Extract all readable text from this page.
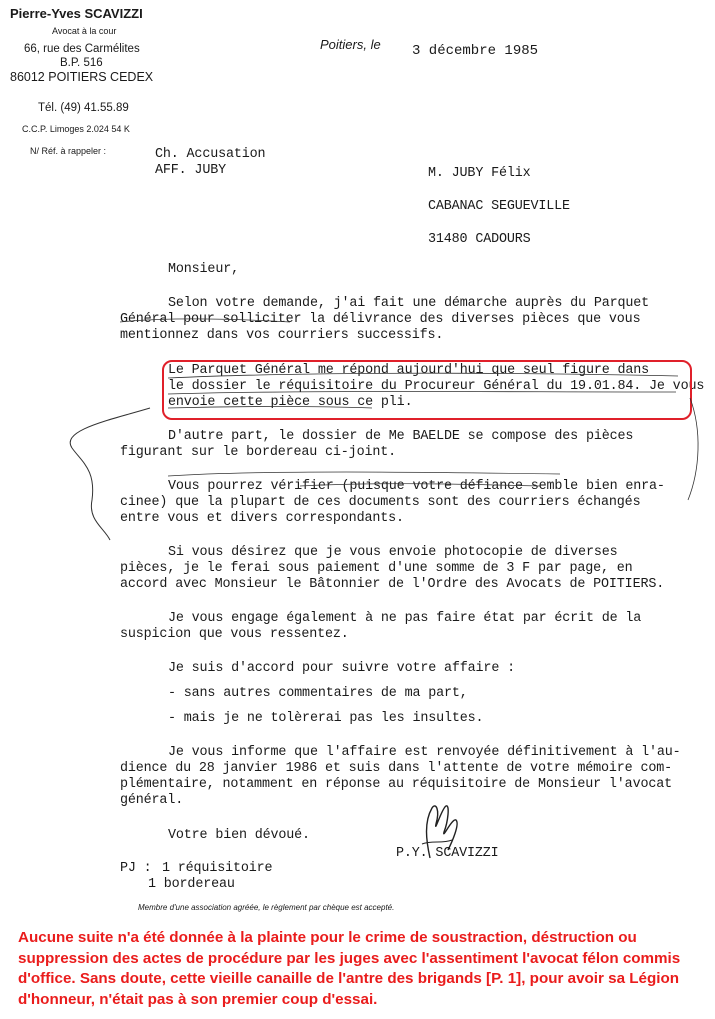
Pierre-Yves SCAVIZZI
Avocat à la cour
66, rue des Carmélites
B.P. 516
86012 POITIERS CEDEX
Tél. (49) 41.55.89
C.C.P. Limoges 2.024 54 K
N/ Réf. à rappeler :
Poitiers, le 3 décembre 1985
Ch. Accusation
AFF. JUBY	M. JUBY Félix
CABANAC SEGUEVILLE
31480 CADOURS
Monsieur,
Selon votre demande, j'ai fait une démarche auprès du Parquet
Général pour solliciter la délivrance des diverses pièces que vous
mentionnez dans vos courriers successifs.
Le Parquet Général me répond aujourd'hui que seul figure dans
le dossier le réquisitoire du Procureur Général du 19.01.84. Je vous
envoie cette pièce sous ce pli.
D'autre part, le dossier de Me BAELDE se compose des pièces
figurant sur le bordereau ci-joint.
Vous pourrez vérifier (puisque votre défiance semble bien enra-
cinee) que la plupart de ces documents sont des courriers échangés
entre vous et divers correspondants.
Si vous désirez que je vous envoie photocopie de diverses
pièces, je le ferai sous paiement d'une somme de 3 F par page, en
accord avec Monsieur le Bâtonnier de l'Ordre des Avocats de POITIERS.
Je vous engage également à ne pas faire état par écrit de la
suspicion que vous ressentez.
Je suis d'accord pour suivre votre affaire :
- sans autres commentaires de ma part,
- mais je ne tolèrerai pas les insultes.
Je vous informe que l'affaire est renvoyée définitivement à l'au-
dience du 28 janvier 1986 et suis dans l'attente de votre mémoire com-
plémentaire, notamment en réponse au réquisitoire de Monsieur l'avocat
général.
Votre bien dévoué.
P.Y. SCAVIZZI
PJ : 1 réquisitoire
1 bordereau
Membre d'une association agréée, le règlement par chèque est accepté.
Aucune suite n'a été donnée à la plainte pour le crime de soustraction, déstruction ou suppression des actes de procédure par les juges avec l'assentiment l'avocat félon commis d'office. Sans doute, cette vieille canaille de l'antre des brigands [P. 1], pour avoir sa Légion d'honneur, n'était pas à son premier coup d'essai.
